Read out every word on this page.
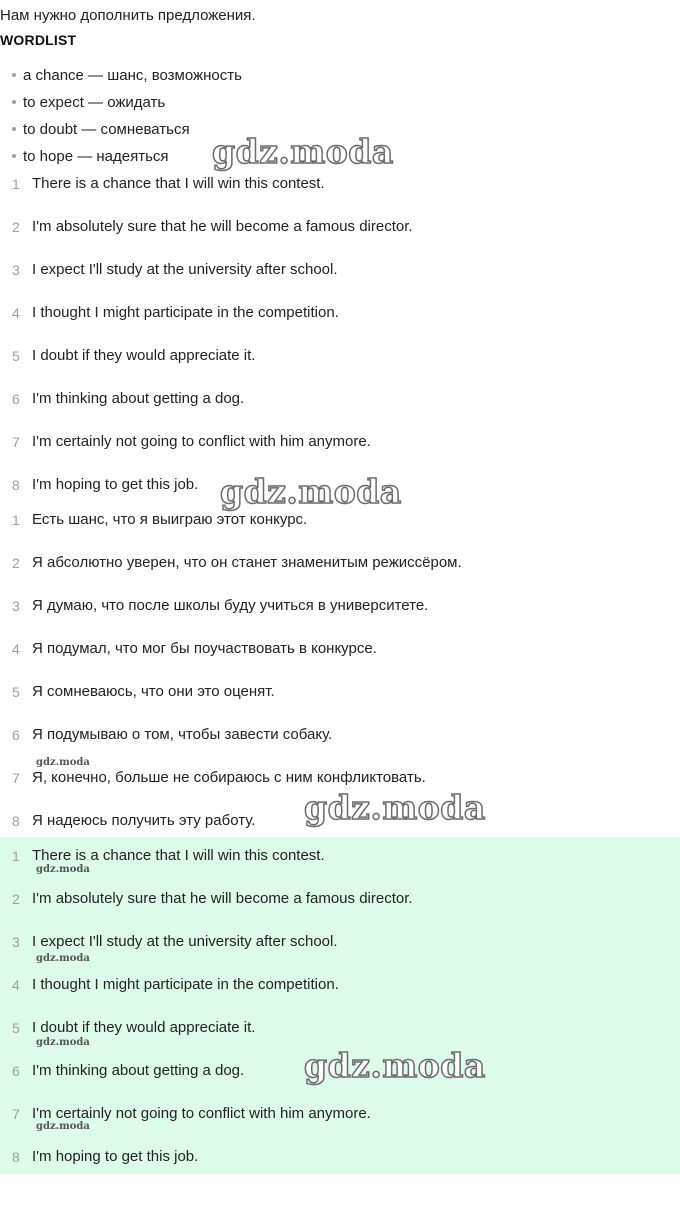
Нам нужно дополнить предложения.
WORDLIST
a chance — шанс, возможность
to expect — ожидать
to doubt — сомневаться
to hope — надеяться
1 There is a chance that I will win this contest.
2 I'm absolutely sure that he will become a famous director.
3 I expect I'll study at the university after school.
4 I thought I might participate in the competition.
5 I doubt if they would appreciate it.
6 I'm thinking about getting a dog.
7 I'm certainly not going to conflict with him anymore.
8 I'm hoping to get this job.
1 Есть шанс, что я выиграю этот конкурс.
2 Я абсолютно уверен, что он станет знаменитым режиссёром.
3 Я думаю, что после школы буду учиться в университете.
4 Я подумал, что мог бы поучаствовать в конкурсе.
5 Я сомневаюсь, что они это оценят.
6 Я подумываю о том, чтобы завести собаку.
7 Я, конечно, больше не собираюсь с ним конфликтовать.
8 Я надеюсь получить эту работу.
1 There is a chance that I will win this contest.
2 I'm absolutely sure that he will become a famous director.
3 I expect I'll study at the university after school.
4 I thought I might participate in the competition.
5 I doubt if they would appreciate it.
6 I'm thinking about getting a dog.
7 I'm certainly not going to conflict with him anymore.
8 I'm hoping to get this job.
gdz.moda
gdz.moda
gdz.moda
gdz.moda
gdz.moda
gdz.moda
gdz.moda
gdz.moda
gdz.moda
